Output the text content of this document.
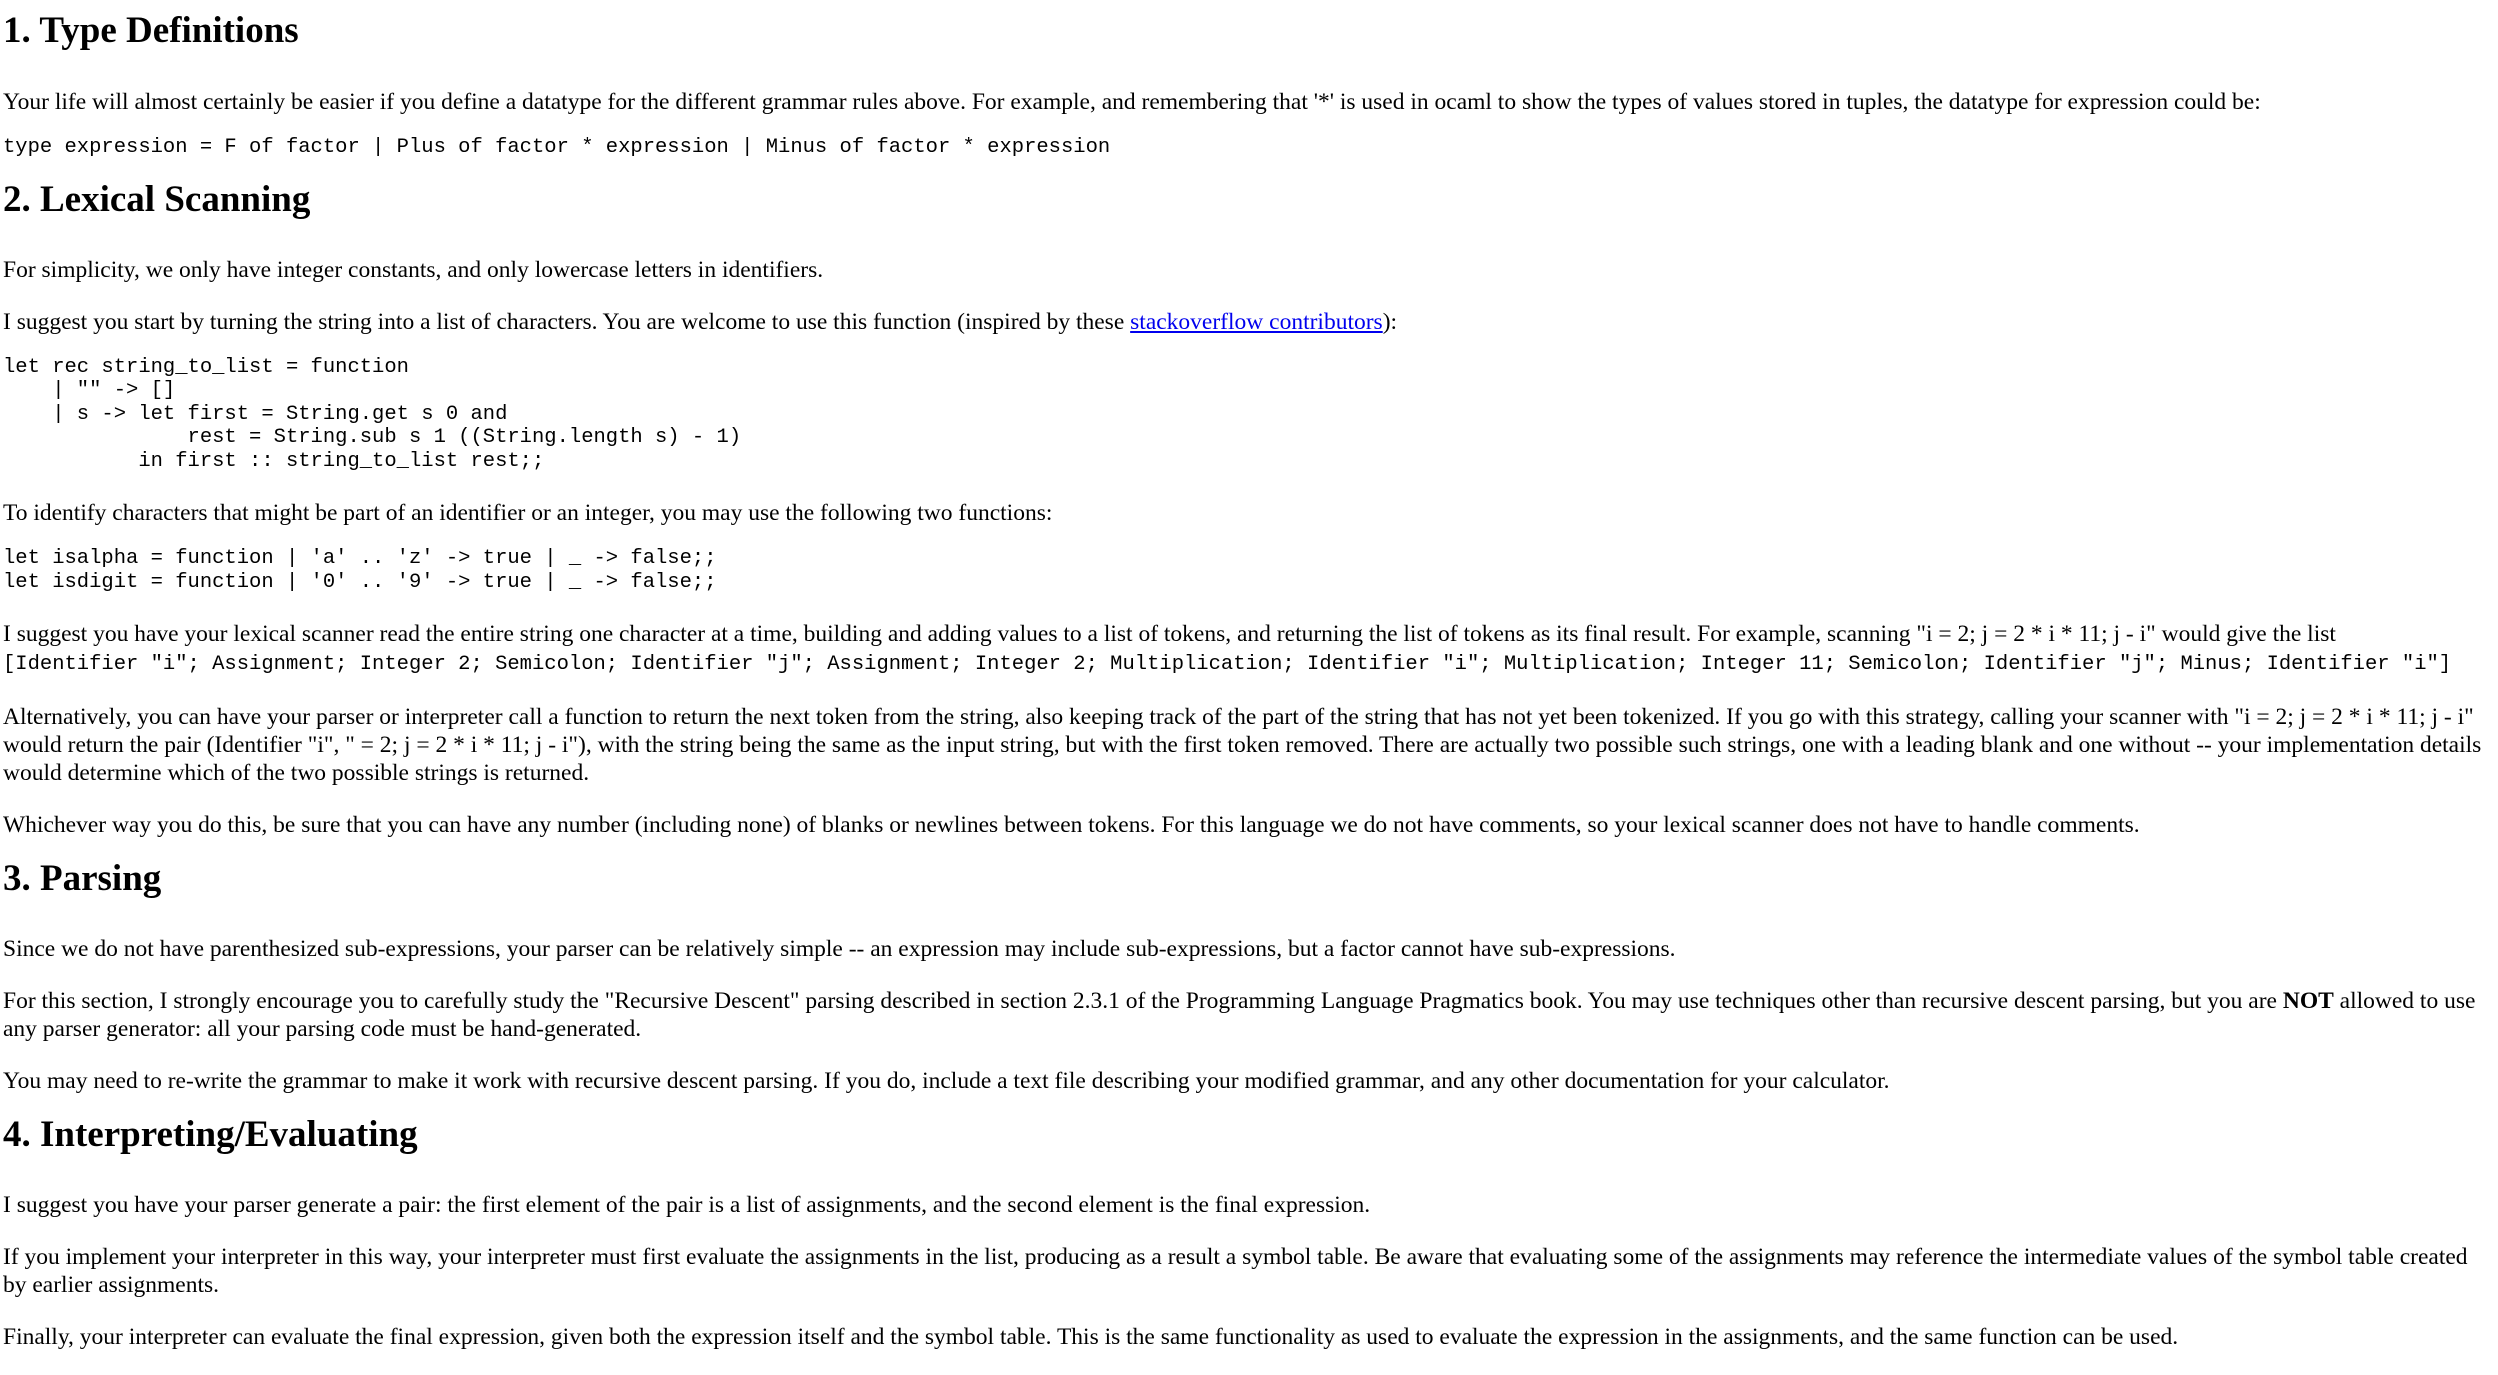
1. Type Definitions

Your life will almost certainly be easier if you define a datatype for the different grammar rules above. For example, and remembering that '*' is used in ocaml to show the types of values stored in tuples, the datatype for expression could be:

type expression = F of factor | Plus of factor * expression | Minus of factor * expression
2. Lexical Scanning

For simplicity, we only have integer constants, and only lowercase letters in identifiers.

I suggest you start by turning the string into a list of characters. You are welcome to use this function (inspired by these stackoverflow contributors):

let rec string_to_list = function
| "" -> []
| s -> let first = String.get s 0 and
rest = String.sub s 1 ((String.length s) - 1)
in first :: string_to_list rest;;

To identify characters that might be part of an identifier or an integer, you may use the following two functions:

let isalpha = function | 'a' .. 'z' -> true | _ -> false;;
let isdigit = function | '0' .. '9' -> true | _ -> false;;

I suggest you have your lexical scanner read the entire string one character at a time, building and adding values to a list of tokens, and returning the list of tokens as its final result. For example, scanning "i = 2; j = 2 * i * 11; j - i" would give the list
[Identifier "i"; Assignment; Integer 2; Semicolon; Identifier "j"; Assignment; Integer 2; Multiplication; Identifier "i"; Multiplication; Integer 11; Semicolon; Identifier "j"; Minus; Identifier "i"]

Alternatively, you can have your parser or interpreter call a function to return the next token from the string, also keeping track of the part of the string that has not yet been tokenized. If you go with this strategy, calling your scanner with "i = 2; j = 2 * i * 11; j - i" would return the pair (Identifier "i", " = 2; j = 2 * i * 11; j - i"), with the string being the same as the input string, but with the first token removed. There are actually two possible such strings, one with a leading blank and one without -- your implementation details would determine which of the two possible strings is returned.

Whichever way you do this, be sure that you can have any number (including none) of blanks or newlines between tokens. For this language we do not have comments, so your lexical scanner does not have to handle comments.

3. Parsing

Since we do not have parenthesized sub-expressions, your parser can be relatively simple -- an expression may include sub-expressions, but a factor cannot have sub-expressions.

For this section, I strongly encourage you to carefully study the "Recursive Descent" parsing described in section 2.3.1 of the Programming Language Pragmatics book. You may use techniques other than recursive descent parsing, but you are NOT allowed to use any parser generator: all your parsing code must be hand-generated.

You may need to re-write the grammar to make it work with recursive descent parsing. If you do, include a text file describing your modified grammar, and any other documentation for your calculator.

4. Interpreting/Evaluating

I suggest you have your parser generate a pair: the first element of the pair is a list of assignments, and the second element is the final expression.

If you implement your interpreter in this way, your interpreter must first evaluate the assignments in the list, producing as a result a symbol table. Be aware that evaluating some of the assignments may reference the intermediate values of the symbol table created by earlier assignments.

Finally, your interpreter can evaluate the final expression, given both the expression itself and the symbol table. This is the same functionality as used to evaluate the expression in the assignments, and the same function can be used.
